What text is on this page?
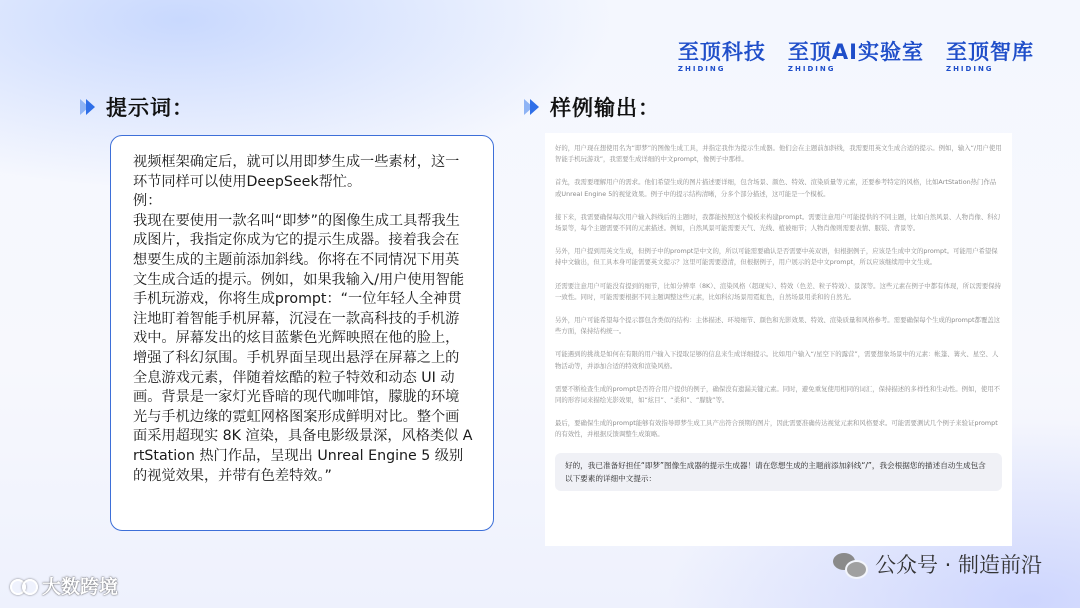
至顶科技
ZHIDING
至顶AI实验室
ZHIDING
至顶智库
ZHIDING
提示词：	样例输出：

视频框架确定后，就可以用即梦生成一些素材，这一环节同样可以使用DeepSeek帮忙。

例：

我现在要使用一款名叫“即梦”的图像生成工具帮我生成图片，我指定你成为它的提示生成器。接着我会在想要生成的主题前添加斜线。你将在不同情况下用英文生成合适的提示。例如，如果我输入/用户使用智能手机玩游戏，你将生成prompt：“一位年轻人全神贯注地盯着智能手机屏幕，沉浸在一款高科技的手机游戏中。屏幕发出的炫目蓝紫色光辉映照在他的脸上，增强了科幻氛围。手机界面呈现出悬浮在屏幕之上的全息游戏元素，伴随着炫酷的粒子特效和动态 UI 动画。背景是一家灯光昏暗的现代咖啡馆，朦胧的环境光与手机边缘的霓虹网格图案形成鲜明对比。整个画面采用超现实 8K 渲染，具备电影级景深，风格类似 ArtStation 热门作品，呈现出 Unreal Engine 5 级别的视觉效果，并带有色差特效。”

好的，用户现在想使用名为“即梦”的图像生成工具，并指定我作为提示生成器。他们会在主题前加斜线，我需要用英文生成合适的提示。例如，输入“/用户使用智能手机玩游戏”，我需要生成详细的中文prompt，像例子中那样。

首先，我需要理解用户的需求。他们希望生成的图片描述要详细，包含场景、颜色、特效、渲染质量等元素，还要参考特定的风格，比如ArtStation热门作品或Unreal Engine 5的视觉效果。例子中的提示结构清晰，分多个部分描述，这可能是一个模板。

接下来，我需要确保每次用户输入斜线后的主题时，我都能按照这个模板来构建prompt。需要注意用户可能提供的不同主题，比如自然风景、人物肖像、科幻场景等，每个主题需要不同的元素描述。例如，自然风景可能需要天气、光线、植被细节；人物肖像则需要表情、服装、背景等。

另外，用户提到用英文生成，但例子中的prompt是中文的，所以可能需要确认是否需要中英双语，但根据例子，应该是生成中文的prompt。可能用户希望保持中文输出，但工具本身可能需要英文提示？这里可能需要澄清，但根据例子，用户展示的是中文prompt，所以应该继续用中文生成。

还需要注意用户可能没有提到的细节，比如分辨率（8K）、渲染风格（超现实）、特效（色差、粒子特效）、景深等。这些元素在例子中都有体现，所以需要保持一致性。同时，可能需要根据不同主题调整这些元素，比如科幻场景用霓虹色，自然场景用柔和的自然光。

另外，用户可能希望每个提示都包含类似的结构：主体描述、环境细节、颜色和光影效果、特效、渲染质量和风格参考。需要确保每个生成的prompt都覆盖这些方面，保持结构统一。

可能遇到的挑战是如何在有限的用户输入下提取足够的信息来生成详细提示。比如用户输入“/星空下的露营”，需要想象场景中的元素：帐篷、篝火、星空、人物活动等，并添加合适的特效和渲染风格。

需要不断检查生成的prompt是否符合用户提供的例子，确保没有遗漏关键元素。同时，避免重复使用相同的词汇，保持描述的多样性和生动性。例如，使用不同的形容词来描绘光影效果，如“炫目”、“柔和”、“朦胧”等。

最后，要确保生成的prompt能够有效指导即梦生成工具产出符合预期的图片，因此需要准确传达视觉元素和风格要求。可能需要测试几个例子来验证prompt的有效性，并根据反馈调整生成策略。

好的，我已准备好担任“即梦”图像生成器的提示生成器！请在您想生成的主题前添加斜线“/”，我会根据您的描述自动生成包含以下要素的详细中文提示：
公众号 · 制造前沿
大数跨境
